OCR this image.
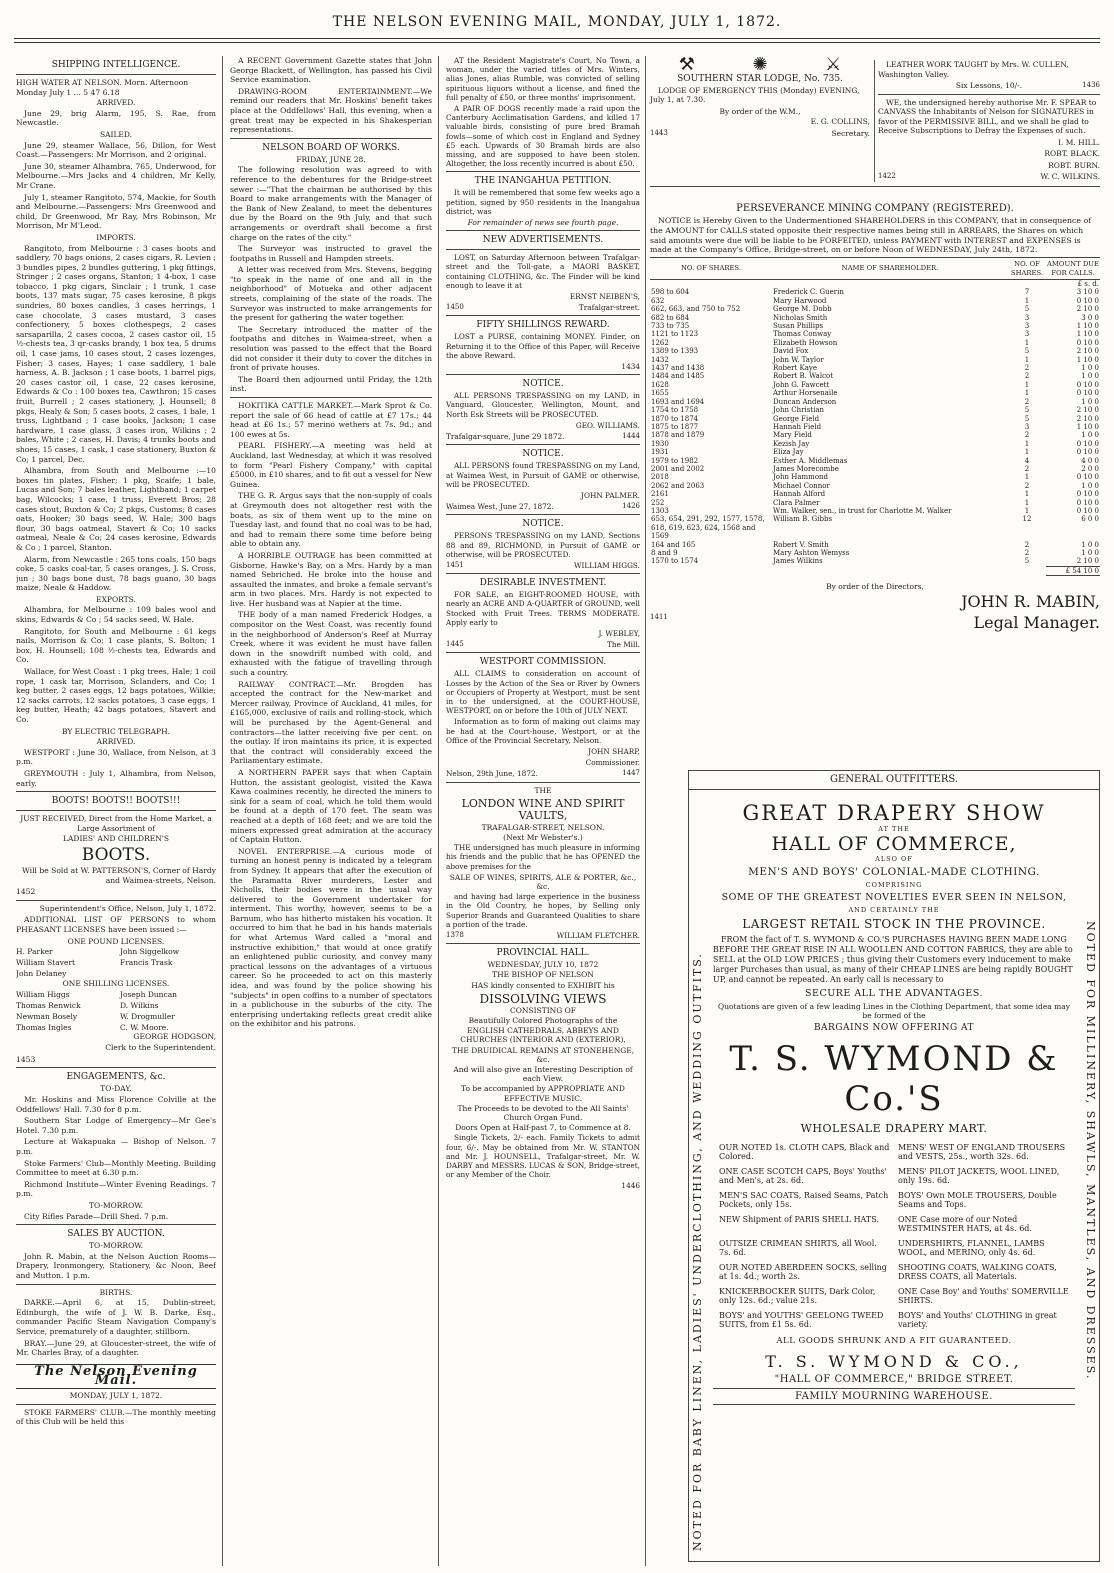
THE NELSON EVENING MAIL, MONDAY, JULY 1, 1872.
SHIPPING INTELLIGENCE.
HIGH WATER AT NELSON. Morn. Afternoon
Monday July 1 ... 5 47 6.18
ARRIVED.
June 29, brig Alarm, 195, S. Rae, from Newcastle.
SAILED.
June 29, steamer Wallace, 56, Dillon, for West Coast.—Passengers: Mr Morrison, and 2 original.
June 30, steamer Alhambra, 765, Underwood, for Melbourne.—Mrs Jacks and 4 children, Mr Kelly, Mr Crane.
July 1, steamer Rangitoto, 574, Mackie, for South and Melbourne.—Passengers: Mrs Greenwood and child, Dr Greenwood, Mr Ray, Mrs Robinson, Mr Morrison, Mr M'Leod.
IMPORTS.
Rangitoto, from Melbourne : 3 cases boots and saddlery, 70 bags onions, 2 cases cigars, R. Levien ; 3 bundles pipes, 2 bundles guttering, 1 pkg fittings, Stringer ; 2 cases organs, Stanton; 1 4-box, 1 case tobacco, 1 pkg cigars, Sinclair ; 1 trunk, 1 case boots, 137 mats sugar, 75 cases kerosine, 8 pkgs sundries, 80 boxes candles, 3 cases herrings, 1 case chocolate, 3 cases mustard, 3 cases confectionery, 5 boxes clothespegs, 2 cases sarsaparilla, 2 cases cocoa, 2 cases castor oil, 15 ½-chests tea, 3 qr-casks brandy, 1 box tea, 5 drums oil, 1 case jams, 10 cases stout, 2 cases lozenges, Fisher; 3 cases, Hayes; 1 case saddlery, 1 bale harness, A. B. Jackson ; 1 case boots, 1 barrel pigs, 20 cases castor oil, 1 case, 22 cases kerosine, Edwards & Co : 100 boxes tea, Cawthron; 15 cases fruit, Burrell ; 2 cases stationery, J. Hounsell; 8 pkgs, Healy & Son; 5 cases boots, 2 cases, 1 bale, 1 truss, Lightband ; 1 case books, Jackson; 1 case hardware, 1 case glass, 3 cases iron, Wilkins ; 2 bales, White ; 2 cases, H. Davis; 4 trunks boots and shoes, 15 cases, 1 cask, 1 case stationery, Buxton & Co; 1 parcel, Dec.
Alhambra, from South and Melbourne :—10 boxes tin plates, Fisher; 1 pkg, Scaife; 1 bale, Lucas and Son; 7 bales leather, Lightband; 1 carpet bag, Wilcocks; 1 case, 1 truss, Everett Bros; 28 cases stout, Buxton & Co; 2 pkgs, Customs; 8 cases oats, Hooker; 30 bags seed, W. Hale; 300 bags flour, 30 bags oatmeal, Stavert & Co; 10 sacks oatmeal, Neale & Co; 24 cases kerosine, Edwards & Co ; 1 parcel, Stanton.
Alarm, from Newcastle : 265 tons coals, 150 bags coke, 5 casks coal-tar, 5 cases oranges, J. S. Cross, jun ; 30 bags bone dust, 78 bags guano, 30 bags maize, Neale & Haddow.
EXPORTS.
Alhambra, for Melbourne : 109 bales wool and skins, Edwards & Co ; 54 sacks seed, W. Hale.
Rangitoto, for South and Melbourne : 61 kegs nails, Morrison & Co; 1 case plants, S. Bolton; 1 box, H. Hounsell; 108 ½-chests tea, Edwards and Co.
Wallace, for West Coast : 1 pkg trees, Hale; 1 coil rope, 1 cask tar, Morrison, Sclanders, and Co; 1 keg butter, 2 cases eggs, 12 bags potatoes, Wilkie; 12 sacks carrots, 12 sacks potatoes, 3 case eggs, 1 keg butter, Heath; 42 bags potatoes, Stavert and Co.
BY ELECTRIC TELEGRAPH.
ARRIVED.
WESTPORT : June 30, Wallace, from Nelson, at 3 p.m.
GREYMOUTH : July 1, Alhambra, from Nelson, early.
BOOTS! BOOTS!! BOOTS!!!
JUST RECEIVED, Direct from the Home Market, a Large Assortment of
LADIES' AND CHILDREN'S
BOOTS.
Will be Sold at W. PATTERSON'S, Corner of Hardy and Waimea-streets, Nelson.
1452
Superintendent's Office, Nelson, July 1, 1872.
ADDITIONAL LIST OF PERSONS to whom PHEASANT LICENSES have been issued :—
ONE POUND LICENSES.
H. Parker	John Siggelkow
William Stavert	Francis Trask
John Delaney
ONE SHILLING LICENSES.
William Higgs	Joseph Duncan
Thomas Renwick	D. Wilkins
Newman Bosely	W. Drogmuller
Thomas Ingles	C. W. Moore.
GEORGE HODGSON,
Clerk to the Superintendent.
1453
ENGAGEMENTS, &c.
TO-DAY.
Mr. Hoskins and Miss Florence Colville at the Oddfellows' Hall. 7.30 for 8 p.m.
Southern Star Lodge of Emergency—Mr Gee's Hotel. 7.30 p.m.
Lecture at Wakapuaka — Bishop of Nelson. 7 p.m.
Stoke Farmers' Club—Monthly Meeting. Building Committee to meet at 6.30 p.m.
Richmond Institute—Winter Evening Readings. 7 p.m.
TO-MORROW.
City Rifles Parade—Drill Shed. 7 p.m.
SALES BY AUCTION.
TO-MORROW.
John R. Mabin, at the Nelson Auction Rooms—Drapery, Ironmongery, Stationery, &c Noon, Beef and Mutton. 1 p.m.
BIRTHS.
DARKE.—April 6, at 15, Dublin-street, Edinburgh, the wife of J. W. B. Darke, Esq., commander Pacific Steam Navigation Company's Service, prematurely of a daughter, stillborn.
BRAY.—June 29, at Gloucester-street, the wife of Mr. Charles Bray, of a daughter.
The Nelson Evening Mail.
MONDAY, JULY 1, 1872.
STOKE FARMERS' CLUB.—The monthly meeting of this Club will be held this
A RECENT Government Gazette states that John George Blackett, of Wellington, has passed his Civil Service examination.
DRAWING-ROOM ENTERTAINMENT.—We remind our readers that Mr. Hoskins' benefit takes place at the Oddfellows' Hall, this evening, when a great treat may be expected in his Shakesperian representations.
NELSON BOARD OF WORKS.
FRIDAY, JUNE 28.
The following resolution was agreed to with reference to the debentures for the Bridge-street sewer :—"That the chairman be authorised by this Board to make arrangements with the Manager of the Bank of New Zealand, to meet the debentures due by the Board on the 9th July, and that such arrangements or overdraft shall become a first charge on the rates of the city."
The Surveyor was instructed to gravel the footpaths in Russell and Hampden streets.
A letter was received from Mrs. Stevens, begging "to speak in the name of one and all in the neighborhood" of Motueka and other adjacent streets, complaining of the state of the roads. The Surveyor was instructed to make arrangements for the present for gathering the water together.
The Secretary introduced the matter of the footpaths and ditches in Waimea-street, when a resolution was passed to the effect that the Board did not consider it their duty to cover the ditches in front of private houses.
The Board then adjourned until Friday, the 12th inst.
HOKITIKA CATTLE MARKET.—Mark Sprot & Co. report the sale of 66 head of cattle at £7 17s.; 44 head at £6 1s.; 57 merino wethers at 7s. 9d.; and 100 ewes at 5s.
PEARL FISHERY.—A meeting was held at Auckland, last Wednesday, at which it was resolved to form "Pearl Fishery Company," with capital £5000, in £10 shares, and to fit out a vessel for New Guinea.
THE G. R. Argus says that the non-supply of coals at Greymouth does not altogether rest with the boats, as six of them went up to the mine on Tuesday last, and found that no coal was to be had, and had to remain there some time before being able to obtain any.
A HORRIBLE OUTRAGE has been committed at Gisborne, Hawke's Bay, on a Mrs. Hardy by a man named Sebriched. He broke into the house and assaulted the inmates, and broke a female servant's arm in two places. Mrs. Hardy is not expected to live. Her husband was at Napier at the time.
THE body of a man named Frederick Hodges, a compositor on the West Coast, was recently found in the neighborhood of Anderson's Reef at Murray Creek, where it was evident he must have fallen down in the snowdrift numbed with cold, and exhausted with the fatigue of travelling through such a country.
RAILWAY CONTRACT.—Mr. Brogden has accepted the contract for the New-market and Mercer railway, Province of Auckland, 41 miles, for £165,000, exclusive of rails and rolling-stock, which will be purchased by the Agent-General and contractors—the latter receiving five per cent. on the outlay. If iron maintains its price, it is expected that the contract will considerably exceed the Parliamentary estimate.
A NORTHERN PAPER says that when Captain Hutton, the assistant geologist, visited the Kawa Kawa coalmines recently, he directed the miners to sink for a seam of coal, which he told them would be found at a depth of 170 feet. The seam was reached at a depth of 168 feet; and we are told the miners expressed great admiration at the accuracy of Captain Hutton.
NOVEL ENTERPRISE.—A curious mode of turning an honest penny is indicated by a telegram from Sydney. It appears that after the execution of the Paramatta River murderers, Lester and Nicholls, their bodies were in the usual way delivered to the Government undertaker for interment. This worthy, however, seems to be a Barnum, who has hitherto mistaken his vocation. It occurred to him that he bad in his hands materials for what Artemus Ward called a "moral and instructive exhibition," that would at once gratify an enlightened public curiosity, and convey many practical lessons on the advantages of a virtuous career. So he proceeded to act on this masterly idea, and was found by the police showing his "subjects" in open coffins to a number of spectators in a publichouse in the suburbs of the city. The enterprising undertaking reflects great credit alike on the exhibitor and his patrons.
AT the Resident Magistrate's Court, No Town, a woman, under the varied titles of Mrs. Winters, alias Jones, alias Rumble, was convicted of selling spirituous liquors without a license, and fined the full penalty of £50, or three months' imprisonment.
A PAIR OF DOGS recently made a raid upon the Canterbury Acclimatisation Gardens, and killed 17 valuable birds, consisting of pure bred Bramah fowls—some of which cost in England and Sydney £5 each. Upwards of 30 Bramah birds are also missing, and are supposed to have been stolen. Altogether, the loss recently incurred is about £50.
THE INANGAHUA PETITION.
It will be remembered that some few weeks ago a petition, signed by 950 residents in the Inangahua district, was
For remainder of news see fourth page.
NEW ADVERTISEMENTS.
LOST, on Saturday Afternoon between Trafalgar-street and the Toll-gate, a MAORI BASKET, containing CLOTHING, &c. The Finder will be kind enough to leave it at
ERNST NEIBEN'S,
1450	Trafalgar-street.
FIFTY SHILLINGS REWARD.
LOST a PURSE, containing MONEY. Finder, on Returning it to the Office of this Paper, will Receive the above Reward.
1434
NOTICE.
ALL PERSONS TRESPASSING on my LAND, in Vanguard, Gloucester, Wellington, Mount, and North Esk Streets will be PROSECUTED.
GEO. WILLIAMS.
Trafalgar-square, June 29 1872.	1444
NOTICE.
ALL PERSONS found TRESPASSING on my Land, at Waimea West, in Pursuit of GAME or otherwise, will be PROSECUTED.
JOHN PALMER.
Waimea West, June 27, 1872.	1426
NOTICE.
PERSONS TRESPASSING on my LAND, Sections 88 and 89, RICHMOND, in Pursuit of GAME or otherwise, will be PROSECUTED.
1451	WILLIAM HIGGS.
DESIRABLE INVESTMENT.
FOR SALE, an EIGHT-ROOMED HOUSE, with nearly an ACRE AND A-QUARTER of GROUND, well Stocked with Fruit Trees. TERMS MODERATE. Apply early to
J. WEBLEY,
1445	The Mill.
WESTPORT COMMISSION.
ALL CLAIMS to consideration on account of Losses by the Action of the Sea or River by Owners or Occupiers of Property at Westport, must be sent in to the undersigned, at the COURT-HOUSE, WESTPORT, on or before the 10th of JULY NEXT.
Information as to form of making out claims may be had at the Court-house, Westport, or at the Office of the Provincial Secretary, Nelson.
JOHN SHARP,
Commissioner.
Nelson, 29th June, 1872.	1447
THE
LONDON WINE AND SPIRIT VAULTS,
TRAFALGAR-STREET, NELSON.
(Next Mr Webster's.)
THE undersigned has much pleasure in informing his friends and the public that he has OPENED the above premises for the
SALE OF WINES, SPIRITS, ALE & PORTER, &c., &c.
and having had large experience in the business in the Old Country, he hopes, by Selling only Superior Brands and Guaranteed Qualities to share a portion of the trade.
1378	WILLIAM FLETCHER.
PROVINCIAL HALL.
WEDNESDAY, JULY 10, 1872
THE BISHOP OF NELSON
HAS kindly consented to EXHIBIT his
DISSOLVING VIEWS
CONSISTING OF
Beautifully Colored Photographs of the
ENGLISH CATHEDRALS, ABBEYS AND CHURCHES (INTERIOR AND (EXTERIOR),
THE DRUIDICAL REMAINS AT STONEHENGE, &c.
And will also give an Interesting Description of each View.
To be accompanied by APPROPRIATE AND EFFECTIVE MUSIC.
The Proceeds to be devoted to the All Saints' Church Organ Fund.
Doors Open at Half-past 7, to Commence at 8.
Single Tickets, 2/- each. Family Tickets to admit four, 6/-. May be obtained from Mr. W. STANTON and Mr. J. HOUNSELL, Trafalgar-street, Mr. W. DARBY and MESSRS. LUCAS & SON, Bridge-street, or any Member of the Choir.
1446
⚒	✺	⚔
SOUTHERN STAR LODGE, No. 735.
LODGE OF EMERGENCY THIS (Monday) EVENING, July 1, at 7.30.
By order of the W.M.,
E. G. COLLINS,
1443	Secretary.
LEATHER WORK TAUGHT by Mrs. W. CULLEN, Washington Valley.
Six Lessons, 10/-.	1436
WE, the undersigned hereby authorise Mr. F. SPEAR to CANVASS the Inhabitants of Nelson for SIGNATURES in favor of the PERMISSIVE BILL, and we shall be glad to Receive Subscriptions to Defray the Expenses of such.
I. M. HILL.
ROBT. BLACK.
ROBT. BURN.
1422	W. C. WILKINS.
PERSEVERANCE MINING COMPANY (REGISTERED).
NOTICE is Hereby Given to the Undermentioned SHAREHOLDERS in this COMPANY, that in consequence of the AMOUNT for CALLS stated opposite their respective names being still in ARREARS, the Shares on which said amounts were due will be liable to be FORFEITED, unless PAYMENT with INTEREST and EXPENSES is made at the Company's Office, Bridge-street, on or before Noon of WEDNESDAY, July 24th, 1872.
NO. OF SHARES.	NAME OF SHAREHOLDER.	NO. OF SHARES.	AMOUNT DUE FOR CALLS.
			£ s. d.
598 to 604	Frederick C. Guerin	7	3 10 0
632	Mary Harwood	1	0 10 0
662, 663, and 750 to 752	George M. Dobb	5	2 10 0
682 to 684	Nicholas Smith	3	3 0 0
733 to 735	Susan Phillips	3	1 10 0
1121 to 1123	Thomas Conway	3	1 10 0
1262	Elizabeth Howson	1	0 10 0
1389 to 1393	David Fox	5	2 10 0
1432	John W. Taylor	1	1 10 0
1437 and 1438	Robert Kaye	2	1 0 0
1484 and 1485	Robert B. Walcot	2	1 0 0
1628	John G. Fawcett	1	0 10 0
1655	Arthur Horsenaile	1	0 10 0
1693 and 1694	Duncan Anderson	2	1 0 0
1754 to 1758	John Christian	5	2 10 0
1870 to 1874	George Field	5	2 10 0
1875 to 1877	Hannah Field	3	1 10 0
1878 and 1879	Mary Field	2	1 0 0
1930	Kezish Jay	1	0 10 0
1931	Eliza Jay	1	0 10 0
1979 to 1982	Esther A. Middlemas	4	4 0 0
2001 and 2002	James Morecombe	2	2 0 0
2018	John Hammond	1	0 10 0
2062 and 2063	Michael Connor	2	1 0 0
2161	Hannah Alford	1	0 10 0
252	Clara Palmer	1	0 10 0
1303	Wm. Walker, sen., in trust for Charlotte M. Walker	1	0 10 0
653, 654, 291, 292, 1577, 1578, 618, 619, 623, 624, 1568 and 1569	William B. Gibbs	12	6 0 0
164 and 165	Robert V. Smith	2	1 0 0
8 and 9	Mary Ashton Wemyss	2	1 0 0
1570 to 1574	James Wilkins	5	2 10 0
			£ 54 10 0
By order of the Directors,
JOHN R. MABIN,
1411	Legal Manager.
GENERAL OUTFITTERS.
NOTED FOR BABY LINEN, LADIES' UNDERCLOTHING, AND WEDDING OUTFITS.	NOTED FOR MILLINERY, SHAWLS, MANTLES, AND DRESSES.
GREAT DRAPERY SHOW
AT THE
HALL OF COMMERCE,
ALSO OF
MEN'S AND BOYS' COLONIAL-MADE CLOTHING.
COMPRISING
SOME OF THE GREATEST NOVELTIES EVER SEEN IN NELSON,
AND CERTAINLY THE
LARGEST RETAIL STOCK IN THE PROVINCE.
FROM the fact of T. S. WYMOND & CO.'S PURCHASES HAVING BEEN MADE LONG BEFORE THE GREAT RISE IN ALL WOOLLEN AND COTTON FABRICS, they are able to SELL at the OLD LOW PRICES ; thus giving their Customers every inducement to make larger Purchases than usual, as many of their CHEAP LINES are being rapidly BOUGHT UP, and cannot be repeated. An early call is necessary to
SECURE ALL THE ADVANTAGES.
Quotations are given of a few leading Lines in the Clothing Department, that some idea may be formed of the
BARGAINS NOW OFFERING AT
T. S. WYMOND & Co.'S
WHOLESALE DRAPERY MART.
OUR NOTED 1s. CLOTH CAPS, Black and Colored.
MENS' WEST OF ENGLAND TROUSERS and VESTS, 25s., worth 32s. 6d.
ONE CASE SCOTCH CAPS, Boys' Youths' and Men's, at 2s. 6d.
MENS' PILOT JACKETS, WOOL LINED, only 19s. 6d.
MEN'S SAC COATS, Raised Seams, Patch Pockets, only 15s.
BOYS' Own MOLE TROUSERS, Double Seams and Tops.
NEW Shipment of PARIS SHELL HATS.	ONE Case more of our Noted WESTMINSTER HATS, at 4s. 6d.
OUTSIZE CRIMEAN SHIRTS, all Wool. 7s. 6d.
UNDERSHIRTS, FLANNEL, LAMBS WOOL, and MERINO, only 4s. 6d.
OUR NOTED ABERDEEN SOCKS, selling at 1s. 4d.; worth 2s.
SHOOTING COATS, WALKING COATS, DRESS COATS, all Materials.
KNICKERBOCKER SUITS, Dark Color, only 12s. 6d.; value 21s.
ONE Case Boy' and Youths' SOMERVILLE SHIRTS.
BOYS' and YOUTHS' GEELONG TWEED SUITS, from £1 5s. 6d.
BOYS' and Youths' CLOTHING in great variety.
ALL GOODS SHRUNK AND A FIT GUARANTEED.
T. S. WYMOND & CO.,
"HALL OF COMMERCE," BRIDGE STREET.
FAMILY MOURNING WAREHOUSE.
